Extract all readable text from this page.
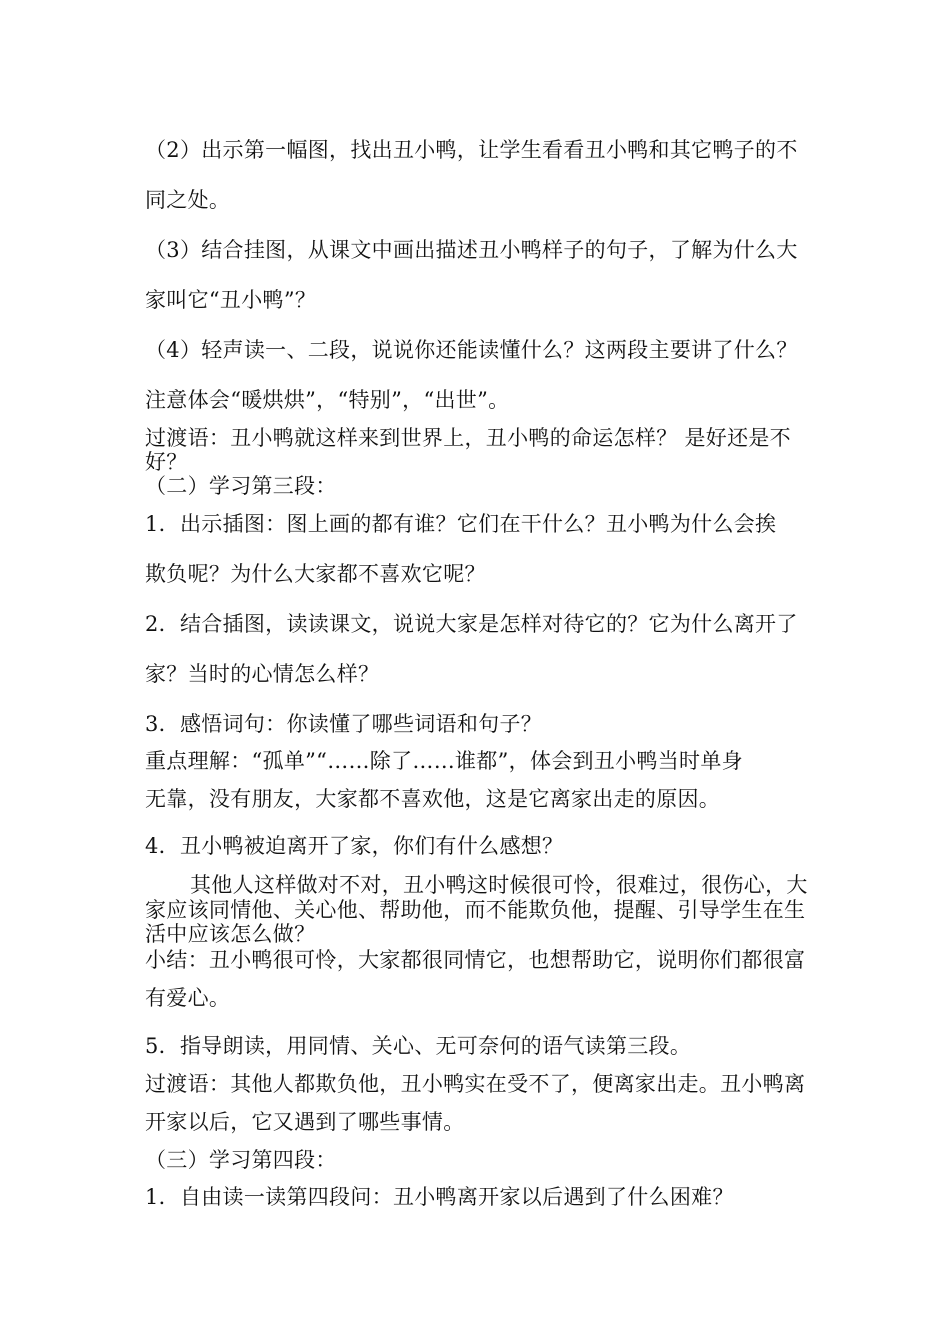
（2）出示第一幅图，找出丑小鸭，让学生看看丑小鸭和其它鸭子的不
同之处。
（3）结合挂图，从课文中画出描述丑小鸭样子的句子，了解为什么大
家叫它“丑小鸭”？
（4）轻声读一、二段，说说你还能读懂什么？这两段主要讲了什么？
注意体会“暖烘烘”，“特别”，“出世”。
过渡语：丑小鸭就这样来到世界上，丑小鸭的命运怎样？ 是好还是不
好？
（二）学习第三段：
1．出示插图：图上画的都有谁？它们在干什么？丑小鸭为什么会挨
欺负呢？为什么大家都不喜欢它呢？
2．结合插图，读读课文，说说大家是怎样对待它的？它为什么离开了
家？当时的心情怎么样？
3．感悟词句：你读懂了哪些词语和句子？
重点理解：“孤单”“……除了……谁都”，体会到丑小鸭当时单身
无靠，没有朋友，大家都不喜欢他，这是它离家出走的原因。
4．丑小鸭被迫离开了家，你们有什么感想？
其他人这样做对不对，丑小鸭这时候很可怜，很难过，很伤心，大
家应该同情他、关心他、帮助他，而不能欺负他，提醒、引导学生在生
活中应该怎么做？
小结：丑小鸭很可怜，大家都很同情它，也想帮助它，说明你们都很富
有爱心。
5．指导朗读，用同情、关心、无可奈何的语气读第三段。
过渡语：其他人都欺负他，丑小鸭实在受不了，便离家出走。丑小鸭离
开家以后，它又遇到了哪些事情。
（三）学习第四段：
1．自由读一读第四段问：丑小鸭离开家以后遇到了什么困难？
